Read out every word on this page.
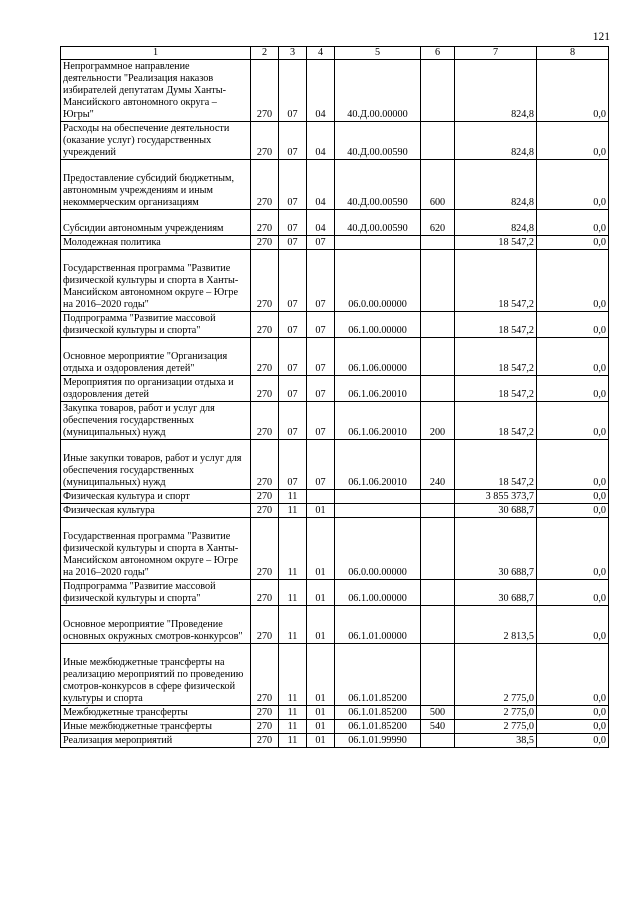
121
1	2	3	4	5	6	7	8
Непрограммное направление деятельности "Реализация наказов избирателей депутатам Думы Ханты-Мансийского автономного округа – Югры"	270	07	04	40.Д.00.00000		824,8	0,0
Расходы на обеспечение деятельности (оказание услуг) государственных учреждений	270	07	04	40.Д.00.00590		824,8	0,0
Предоставление субсидий бюджетным, автономным учреждениям и иным некоммерческим организациям	270	07	04	40.Д.00.00590	600	824,8	0,0
Субсидии автономным учреждениям	270	07	04	40.Д.00.00590	620	824,8	0,0
Молодежная политика	270	07	07			18 547,2	0,0
Государственная программа "Развитие физической культуры и спорта в Ханты-Мансийском автономном округе – Югре на 2016–2020 годы"	270	07	07	06.0.00.00000		18 547,2	0,0
Подпрограмма "Развитие массовой физической культуры и спорта"	270	07	07	06.1.00.00000		18 547,2	0,0
Основное мероприятие "Организация отдыха и оздоровления детей"	270	07	07	06.1.06.00000		18 547,2	0,0
Мероприятия по организации отдыха и оздоровления детей	270	07	07	06.1.06.20010		18 547,2	0,0
Закупка товаров, работ и услуг для обеспечения государственных (муниципальных) нужд	270	07	07	06.1.06.20010	200	18 547,2	0,0
Иные закупки товаров, работ и услуг для обеспечения государственных (муниципальных) нужд	270	07	07	06.1.06.20010	240	18 547,2	0,0
Физическая культура и спорт	270	11				3 855 373,7	0,0
Физическая культура	270	11	01			30 688,7	0,0
Государственная программа "Развитие физической культуры и спорта в Ханты-Мансийском автономном округе – Югре на 2016–2020 годы"	270	11	01	06.0.00.00000		30 688,7	0,0
Подпрограмма "Развитие массовой физической культуры и спорта"	270	11	01	06.1.00.00000		30 688,7	0,0
Основное мероприятие "Проведение основных окружных смотров-конкурсов"	270	11	01	06.1.01.00000		2 813,5	0,0
Иные межбюджетные трансферты на реализацию мероприятий по проведению смотров-конкурсов в сфере физической культуры и спорта	270	11	01	06.1.01.85200		2 775,0	0,0
Межбюджетные трансферты	270	11	01	06.1.01.85200	500	2 775,0	0,0
Иные межбюджетные трансферты	270	11	01	06.1.01.85200	540	2 775,0	0,0
Реализация мероприятий	270	11	01	06.1.01.99990		38,5	0,0
